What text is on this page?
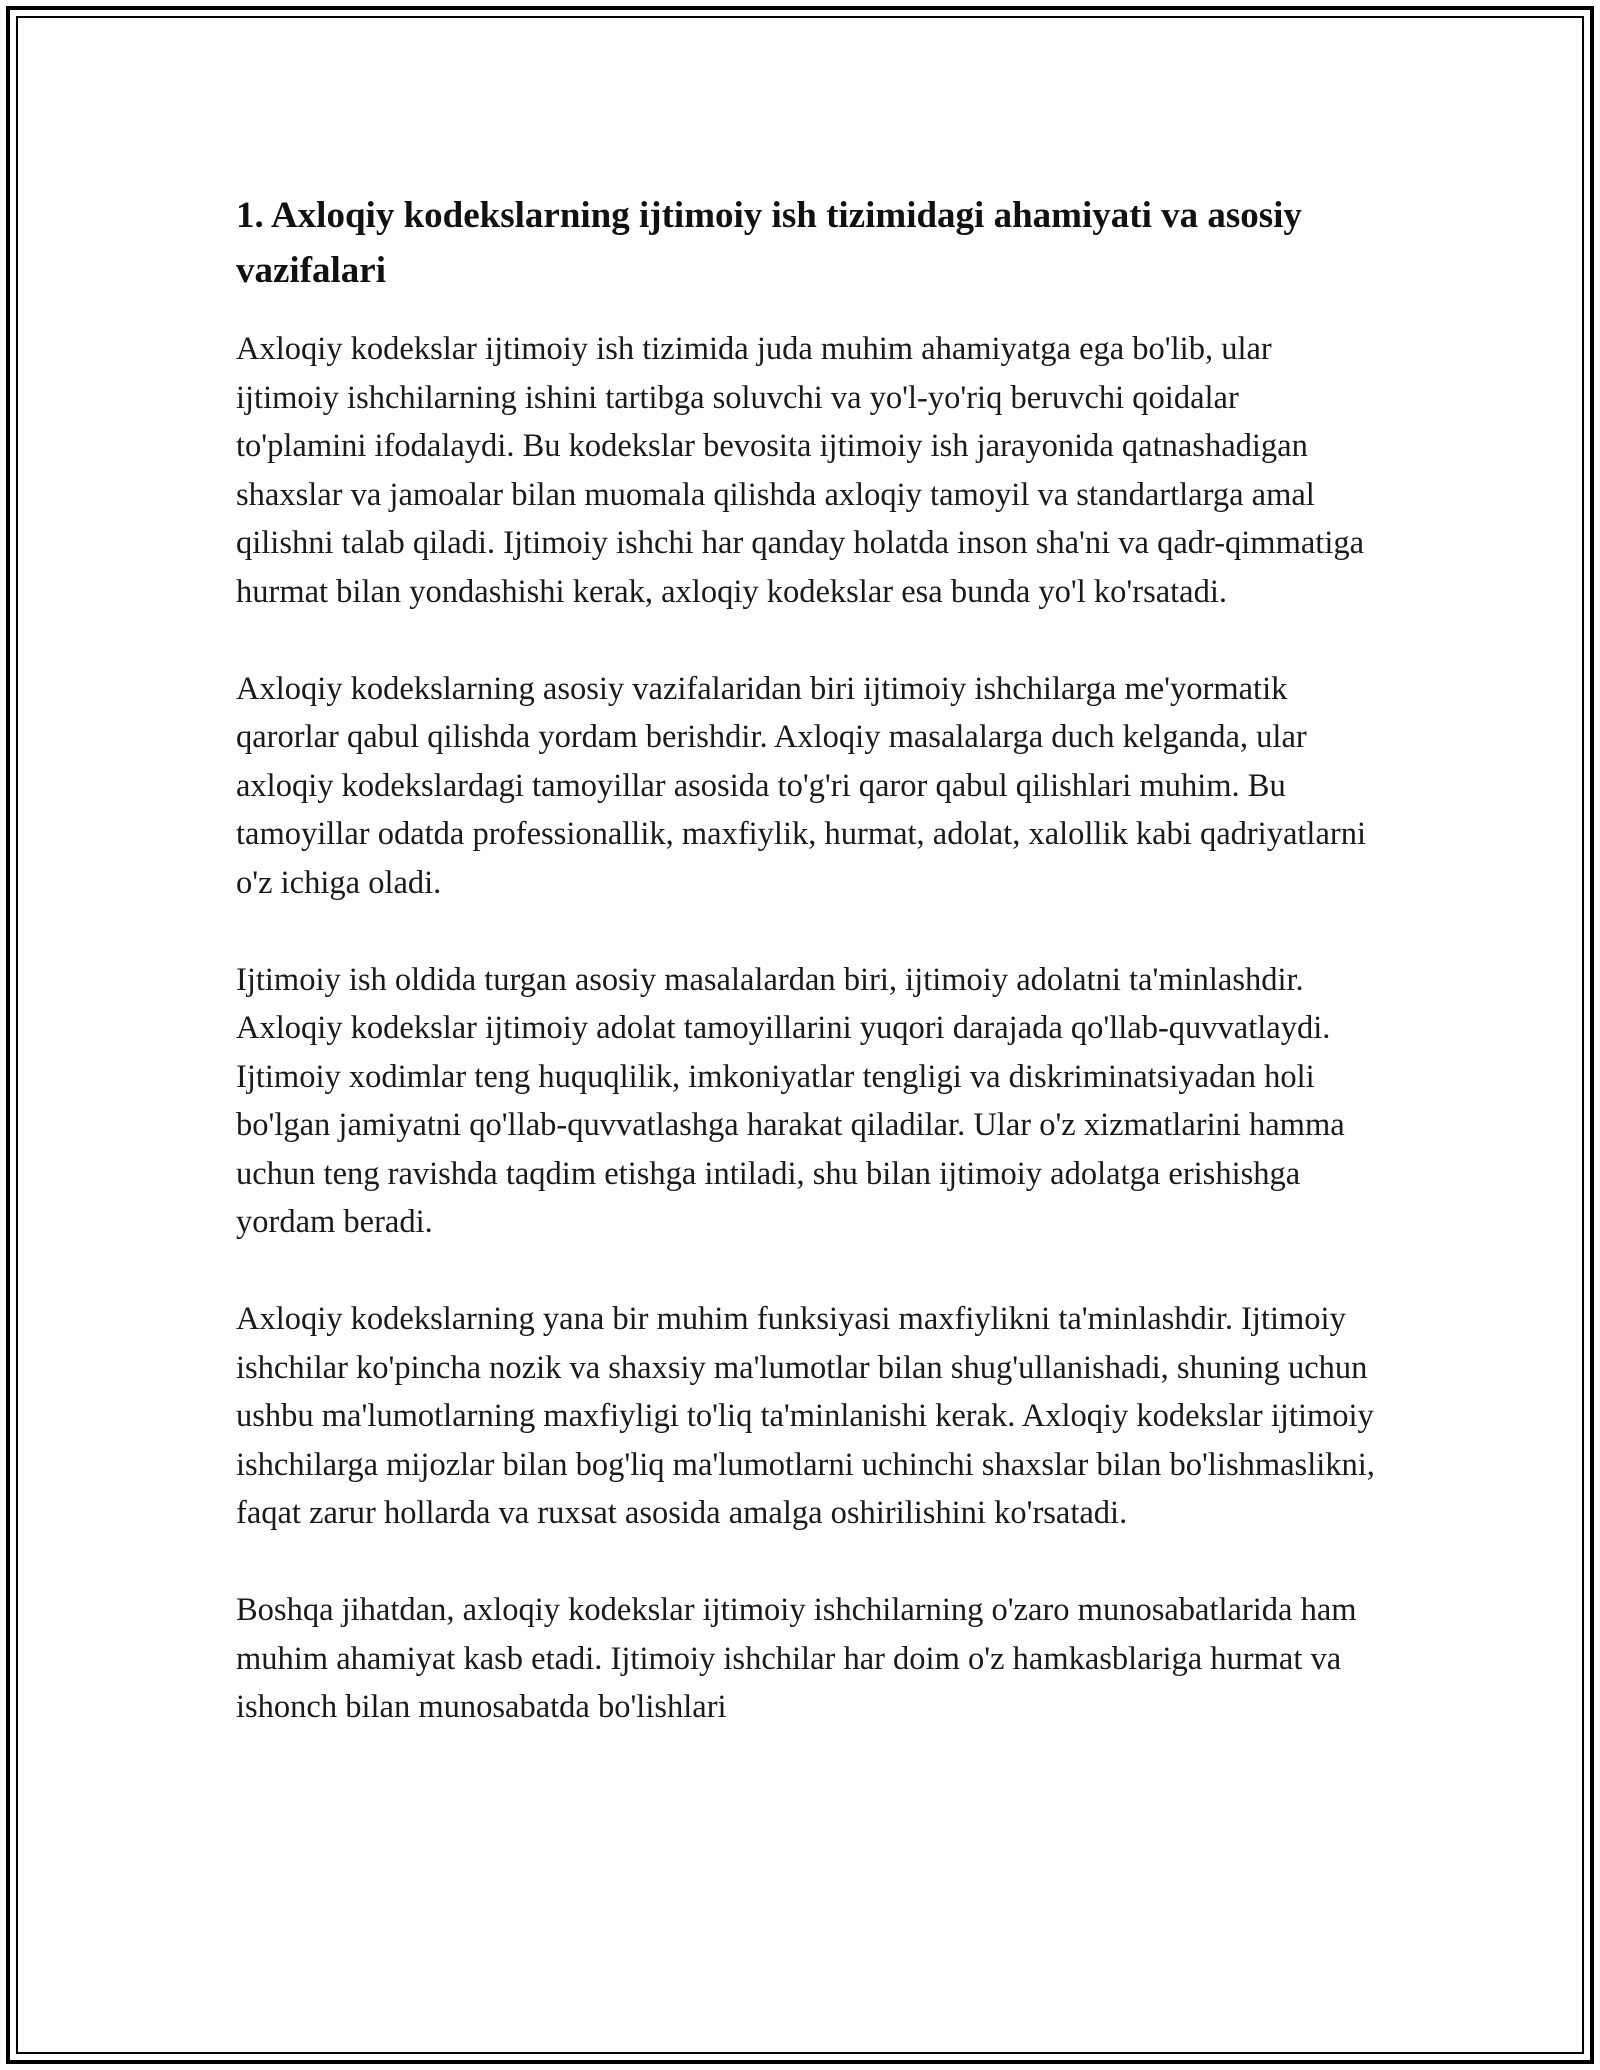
1. Axloqiy kodekslarning ijtimoiy ish tizimidagi ahamiyati va asosiy vazifalari

Axloqiy kodekslar ijtimoiy ish tizimida juda muhim ahamiyatga ega bo'lib, ular ijtimoiy ishchilarning ishini tartibga soluvchi va yo'l-yo'riq beruvchi qoidalar to'plamini ifodalaydi. Bu kodekslar bevosita ijtimoiy ish jarayonida qatnashadigan shaxslar va jamoalar bilan muomala qilishda axloqiy tamoyil va standartlarga amal qilishni talab qiladi. Ijtimoiy ishchi har qanday holatda inson sha'ni va qadr-qimmatiga hurmat bilan yondashishi kerak, axloqiy kodekslar esa bunda yo'l ko'rsatadi.

Axloqiy kodekslarning asosiy vazifalaridan biri ijtimoiy ishchilarga me'yormatik qarorlar qabul qilishda yordam berishdir. Axloqiy masalalarga duch kelganda, ular axloqiy kodekslardagi tamoyillar asosida to'g'ri qaror qabul qilishlari muhim. Bu tamoyillar odatda professionallik, maxfiylik, hurmat, adolat, xalollik kabi qadriyatlarni o'z ichiga oladi.

Ijtimoiy ish oldida turgan asosiy masalalardan biri, ijtimoiy adolatni ta'minlashdir. Axloqiy kodekslar ijtimoiy adolat tamoyillarini yuqori darajada qo'llab-quvvatlaydi. Ijtimoiy xodimlar teng huquqlilik, imkoniyatlar tengligi va diskriminatsiyadan holi bo'lgan jamiyatni qo'llab-quvvatlashga harakat qiladilar. Ular o'z xizmatlarini hamma uchun teng ravishda taqdim etishga intiladi, shu bilan ijtimoiy adolatga erishishga yordam beradi.

Axloqiy kodekslarning yana bir muhim funksiyasi maxfiylikni ta'minlashdir. Ijtimoiy ishchilar ko'pincha nozik va shaxsiy ma'lumotlar bilan shug'ullanishadi, shuning uchun ushbu ma'lumotlarning maxfiyligi to'liq ta'minlanishi kerak. Axloqiy kodekslar ijtimoiy ishchilarga mijozlar bilan bog'liq ma'lumotlarni uchinchi shaxslar bilan bo'lishmaslikni, faqat zarur hollarda va ruxsat asosida amalga oshirilishini ko'rsatadi.

Boshqa jihatdan, axloqiy kodekslar ijtimoiy ishchilarning o'zaro munosabatlarida ham muhim ahamiyat kasb etadi. Ijtimoiy ishchilar har doim o'z hamkasblariga hurmat va ishonch bilan munosabatda bo'lishlari
